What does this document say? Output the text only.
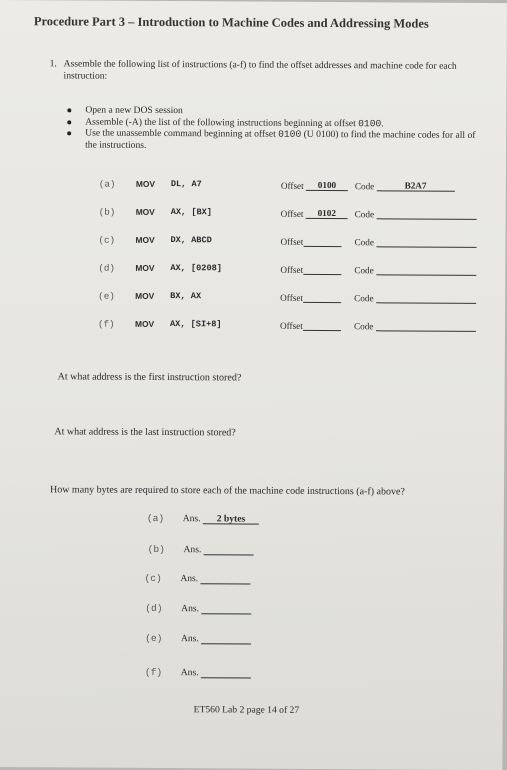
Procedure Part 3 – Introduction to Machine Codes and Addressing Modes
1. Assemble the following list of instructions (a-f) to find the offset addresses and machine code for each instruction:
Open a new DOS session
Assemble (-A) the list of the following instructions beginning at offset 0100.
Use the unassemble command beginning at offset 0100 (U 0100) to find the machine codes for all of the instructions.
(a) MOV DL, A7	Offset 0100	Code	B2A7
(b) MOV AX, [BX]	Offset 0102	Code
(c) MOV DX, ABCD	Offset	Code
(d) MOV AX, [0208]	Offset	Code
(e) MOV BX, AX	Offset	Code
(f) MOV AX, [SI+8]	Offset	Code
At what address is the first instruction stored?
At what address is the last instruction stored?
How many bytes are required to store each of the machine code instructions (a-f) above?
(a) Ans. 2 bytes
(b) Ans.
(c) Ans.
(d) Ans.
(e) Ans.
(f) Ans.
ET560 Lab 2 page 14 of 27
